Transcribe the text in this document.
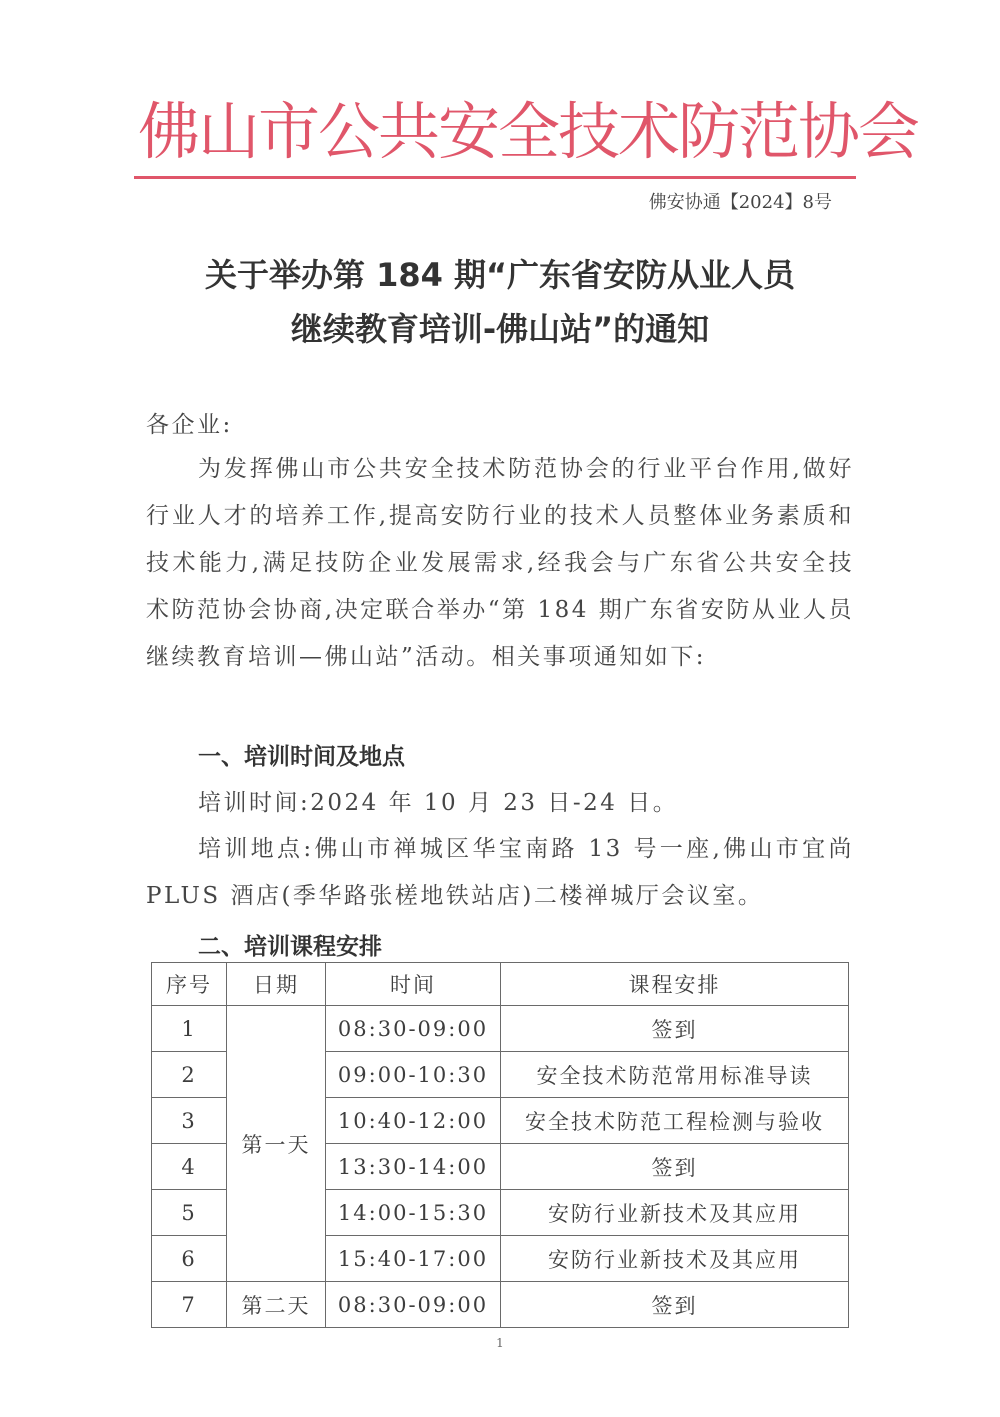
佛山市公共安全技术防范协会
佛安协通【2024】8号
关于举办第 184 期“广东省安防从业人员
继续教育培训-佛山站”的通知
各企业:
为发挥佛山市公共安全技术防范协会的行业平台作用,做好行业人才的培养工作,提高安防行业的技术人员整体业务素质和技术能力,满足技防企业发展需求,经我会与广东省公共安全技术防范协会协商,决定联合举办“第 184 期广东省安防从业人员继续教育培训—佛山站”活动。相关事项通知如下:
一、培训时间及地点
培训时间:2024 年 10 月 23 日-24 日。
培训地点:佛山市禅城区华宝南路 13 号一座,佛山市宜尚 PLUS 酒店(季华路张槎地铁站店)二楼禅城厅会议室。
二、培训课程安排
序号	日期	时间	课程安排
1	第一天	08:30-09:00	签到
2		09:00-10:30	安全技术防范常用标准导读
3		10:40-12:00	安全技术防范工程检测与验收
4		13:30-14:00	签到
5		14:00-15:30	安防行业新技术及其应用
6		15:40-17:00	安防行业新技术及其应用
7	第二天	08:30-09:00	签到
1
